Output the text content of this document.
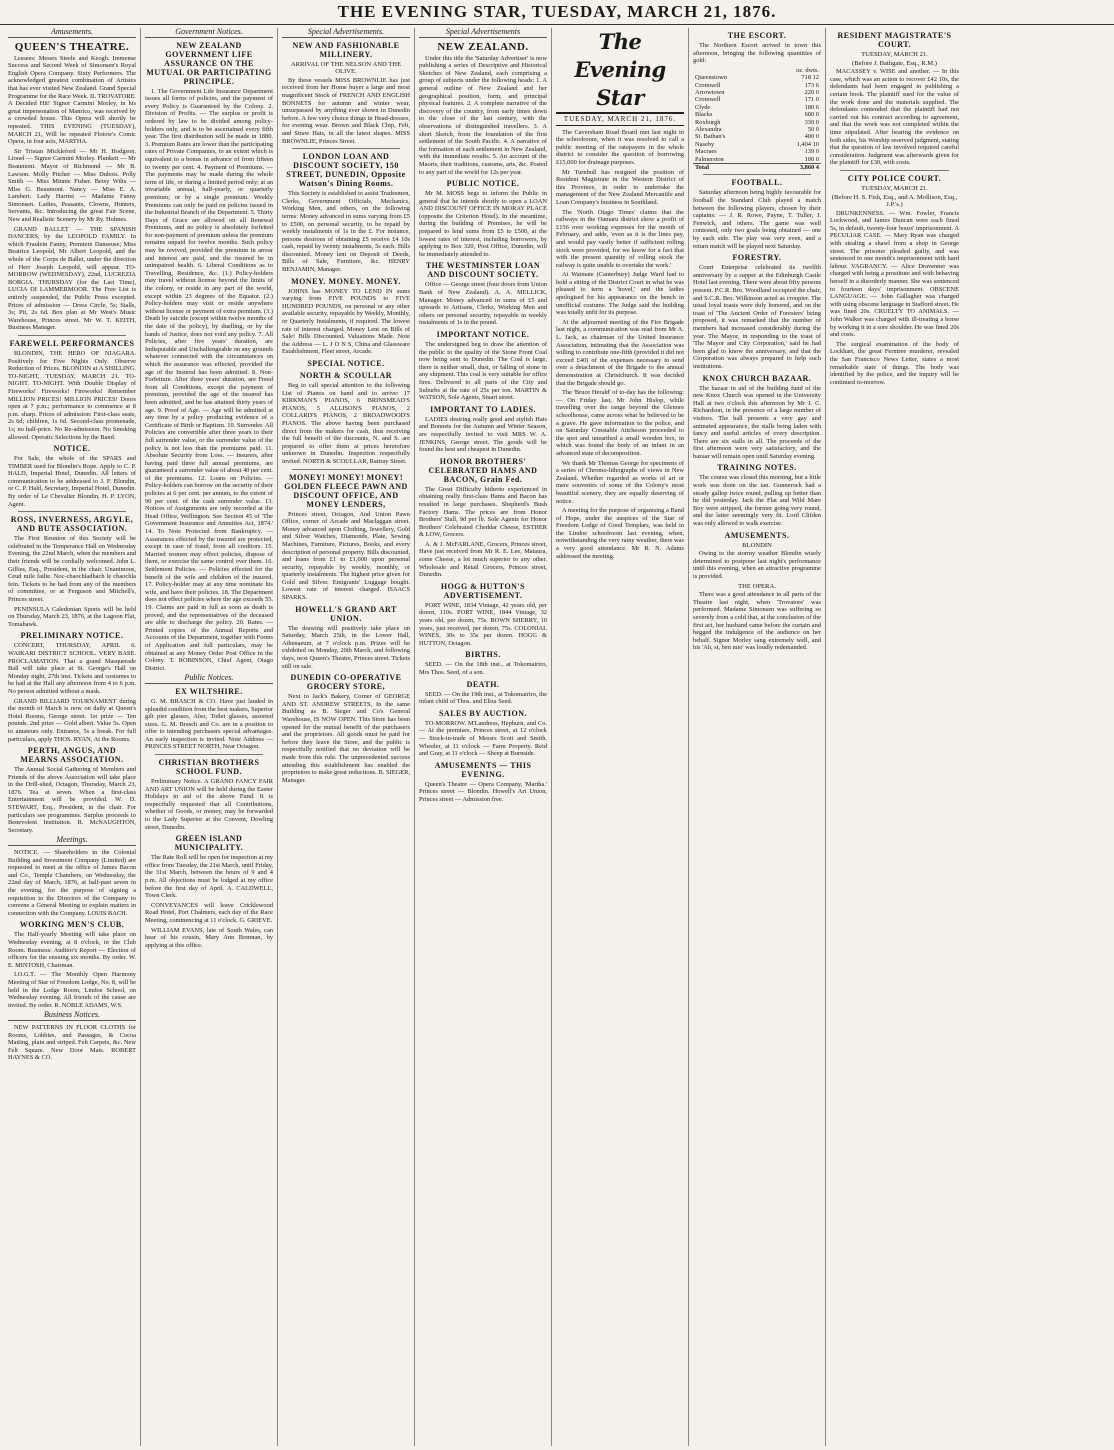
THE EVENING STAR, TUESDAY, MARCH 21, 1876.
Amusements.
QUEEN'S THEATRE.

Lessees: Messrs Steele and Keogh. Immense Success and Second Week of Simonsen's Royal English Opera Company. Sixty Performers. The acknowledged greatest combination of Artistes that has ever visited New Zealand. Grand Special Programme for the Race Week. IL TROVATORE. A Decided Hit! Signor Carmini Morley, in his great impersonation of Manrico, was received by a crowded house. This Opera will shortly be repeated. THIS EVENING (TUESDAY), MARCH 21, Will be repeated Flotow's Comic Opera, in four acts, MARTHA.

Sir Tristan Mickleford — Mr H. Hodgson. Lionel — Signor Carmini Morley. Plunkett — Mr Beaumont. Mayor of Richmond — Mr B. Lawson. Molly Pitcher — Miss Dubois. Polly Smith — Miss Minnie Fisher. Betsy Wilts — Miss G. Beaumont. Nancy — Miss E. A. Lambert. Lady Harriet — Madame Fanny Simonsen. Ladies, Peasants, Clowns, Hunters, Servants, &c. Introducing the great Fair Scene, New and Realistic Scenery by Mr Ry. Holmes.

GRAND BALLET — THE SPANISH DANCERS, by the LEOPOLD FAMILY. In which Fraulein Fanny, Premiere Danseuse; Miss Beatrice Leopold, Mr Albert Leopold, and the whole of the Corps de Ballet, under the direction of Herr Joseph Leopold, will appear. TO-MORROW (WEDNESDAY), 22nd, LUCREZIA BORGIA. THURSDAY (for the Last Time), LUCIA DI LAMMERMOOR. The Free List is entirely suspended, the Public Press excepted. Prices of admission — Dress Circle, 5s; Stalls, 3s; Pit, 2s 6d. Box plan at Mr West's Music Warehouse, Princes street. Mr W. T. KEITH, Business Manager.

FAREWELL PERFORMANCES

BLONDIN, THE HERO OF NIAGARA. Positively for Five Nights Only. Observe Reduction of Prices. BLONDIN at A SHILLING. TO-NIGHT, TUESDAY, MARCH 21. TO-NIGHT. TO-NIGHT. With Double Display of Fireworks! Fireworks! Fireworks! Remember MILLION PRICES! MILLION PRICES! Doors open at 7 p.m.; performance to commence at 8 p.m. sharp. Prices of admission: First-class seats, 2s 6d; children, 1s 6d. Second-class promenade, 1s; no half-price. No Re-admission. No Smoking allowed. Operatic Selections by the Band.

NOTICE.

For Sale, the whole of the SPARS and TIMBER used for Blondin's Rope. Apply to C. P. HALD, Imperial Hotel, Dunedin. All letters of communication to be addressed to J. F. Blondin, or C. P. Hald, Secretary, Imperial Hotel, Dunedin. By order of Le Chevalier Blondin, H. P. LYON, Agent.

ROSS, INVERNESS, ARGYLE, AND BUTE ASSOCIATION.

The First Reunion of this Society will be celebrated in the Temperance Hall on Wednesday Evening, the 22nd March, when the members and their friends will be cordially welcomed. John L. Gillies, Esq., President, in the chair. Unanimous, Ceud mile failte. Noc-chaochladhach le chaochla fein. Tickets to be had from any of the members of committee, or at Ferguson and Mitchell's, Princes street.

PENINSULA Caledonian Sports will be held on Thursday, March 23, 1876, at the Lagoon Flat, Tomahawk.

PRELIMINARY NOTICE.

CONCERT, THURSDAY, APRIL 6. WAIKARI DISTRICT SCHOOL. VERY BASE. PROCLAMATION. That a grand Masquerade Ball will take place at St. George's Hall on Monday night, 27th inst. Tickets and costumes to be had at the Hall any afternoon from 4 to 6 p.m. No person admitted without a mask.

GRAND BILLIARD TOURNAMENT during the month of March is now on daily at Queen's Hotel Rooms, George street. 1st prize — Ten pounds. 2nd prize — Gold albert. Value 5s. Open to amateurs only. Entrance, 5s a break. For full particulars, apply THOS. RYAN, At the Rooms.

PERTH, ANGUS, AND MEARNS ASSOCIATION.

The Annual Social Gathering of Members and Friends of the above Association will take place in the Drill-shed, Octagon, Thursday, March 23, 1876. Tea at seven. When a first-class Entertainment will be provided. W. D. STEWART, Esq., President, in the chair. For particulars see programmes. Surplus proceeds to Benevolent Institution. R. McNAUGHTON, Secretary.

Meetings.

NOTICE. — Shareholders in the Colonial Building and Investment Company (Limited) are requested to meet at the office of James Bacon and Co., Temple Chambers, on Wednesday, the 22nd day of March, 1876, at half-past seven in the evening, for the purpose of signing a requisition to the Directors of the Company to convene a General Meeting to explain matters in connection with the Company. LOUIS BACH.

WORKING MEN'S CLUB.

The Half-yearly Meeting will take place on Wednesday evening, at 8 o'clock, in the Club Room. Business: Auditor's Report — Election of officers for the ensuing six months. By order. W. E. MINTOSH, Chairman.

I.O.G.T. — The Monthly Open Harmony Meeting of Star of Freedom Lodge, No. 8, will be held in the Lodge Room, Lindoe School, on Wednesday evening. All friends of the cause are invited. By order. R. NOBLE ADAMS, W.S.

Business Notices.

NEW PATTERNS IN FLOOR CLOTHS for Rooms, Lobbies, and Passages, & Cocoa Matting, plain and striped. Felt Carpets, &c. New Felt Square. New Door Mats. ROBERT HAYNES & CO.

Government Notices.
NEW ZEALAND GOVERNMENT LIFE ASSURANCE ON THE MUTUAL OR PARTICIPATING PRINCIPLE.

1. The Government Life Insurance Department issues all forms of policies, and the payment of every Policy is Guaranteed by the Colony. 2. Division of Profits. — The surplus or profit is ordered by law to be divided among policy-holders only, and is to be ascertained every fifth year. The first distribution will be made in 1880. 3. Premium Rates are lower than the participating rates of Private Companies, to an extent which is equivalent to a bonus in advance of from fifteen to twenty per cent. 4. Payment of Premiums. — The payments may be made during the whole term of life, or during a limited period only; at an invariable annual, half-yearly, or quarterly premium; or by a single premium. Weekly Premiums can only be paid on policies issued in the Industrial Branch of the Department. 5. Thirty Days of Grace are allowed on all Renewal Premiums, and no policy is absolutely forfeited for non-payment of premium unless the premium remains unpaid for twelve months. Such policy may be revived, provided the premium in arrear and interest are paid, and the insured be in unimpaired health. 6. Liberal Conditions as to Travelling, Residence, &c. (1.) Policy-holders may travel without license beyond the limits of the colony, or reside in any part of the world, except within 23 degrees of the Equator. (2.) Policy-holders may visit or reside anywhere without license or payment of extra premium. (3.) Death by suicide (except within twelve months of the date of the policy), by duelling, or by the hands of Justice, does not void any policy. 7. All Policies, after five years' duration, are Indisputable and Unchallengeable on any grounds whatever connected with the circumstances on which the assurance was effected, provided the age of the Insured has been admitted. 8. Non-Forfeiture. After three years' duration, are Freed from all Conditions, except the payment of premium, provided the age of the insured has been admitted, and he has attained thirty years of age. 9. Proof of Age. — Age will be admitted at any time by a policy producing evidence of a Certificate of Birth or Baptism. 10. Surrender. All Policies are convertible after three years to their full surrender value, or the surrender value of the policy is not less than the premiums paid. 11. Absolute Security from Loss. — Insurers, after having paid three full annual premiums, are guaranteed a surrender value of about 40 per cent. of the premiums. 12. Loans on Policies. — Policy-holders can borrow on the security of their policies at 6 per cent. per annum, to the extent of 90 per cent. of the cash surrender value. 13. Notices of Assignments are only recorded at the Head Office, Wellington. See Section 45 of 'The Government Insurance and Annuities Act, 1874.' 14. To Note Protected from Bankruptcy. — Assurances effected by the insured are protected, except in case of fraud, from all creditors. 15. Married women may effect policies, dispose of them, or exercise the same control over them. 16. Settlement Policies. — Policies effected for the benefit of the wife and children of the insured. 17. Policy-holder may at any time nominate his wife, and have their policies. 18. The Department does not effect policies where the age exceeds 55. 19. Claims are paid in full as soon as death is proved, and the representatives of the deceased are able to discharge the policy. 20. Rates. — Printed copies of the Annual Reports and Accounts of the Department, together with Forms of Application and full particulars, may be obtained at any Money Order Post Office in the Colony. T. ROBINSON, Chief Agent, Otago District.

Public Notices.
EX WILTSHIRE.

G. M. BRASCH & CO. Have just landed in splendid condition from the best makers, Superior gilt pier glasses, Also, Toilet glasses, assorted sizes. G. M. Brasch and Co. are in a position to offer to intending purchasers special advantages. An early inspection is invited. Note Address — PRINCES STREET NORTH, Near Octagon.

CHRISTIAN BROTHERS SCHOOL FUND.

Preliminary Notice. A GRAND FANCY FAIR AND ART UNION will be held during the Easter Holidays in aid of the above Fund. It is respectfully requested that all Contributions, whether of Goods, or money, may be forwarded to the Lady Superior at the Convent, Dowling street, Dunedin.

GREEN ISLAND MUNICIPALITY.

The Rate Roll will be open for inspection at my office from Tuesday, the 21st March, until Friday, the 31st March, between the hours of 9 and 4 p.m. All objections must be lodged at my office before the first day of April. A. CALDWELL, Town Clerk.

CONVEYANCES will leave Cricklewood Road Hotel, Port Chalmers, each day of the Race Meeting, commencing at 11 o'clock. G. GRIEVE.

WILLIAM EVANS, late of South Wales, can hear of his cousin, Mary Ann Brennan, by applying at this office.

Special Advertisements.
NEW AND FASHIONABLE MILLINERY.
ARRIVAL OF THE NELSON AND THE OLIVE.

By these vessels MISS BROWNLIE has just received from her Home buyer a large and most magnificent Stock of FRENCH AND ENGLISH BONNETS for autumn and winter wear, unsurpassed by anything ever shown in Dunedin before. A few very choice things in Head-dresses, for evening wear. Brown and Black Chip, Felt, and Straw Hats, in all the latest shapes. MISS BROWNLIE, Princes Street.

LONDON LOAN AND DISCOUNT SOCIETY, 150 STREET, DUNEDIN, Opposite Watson's Dining Rooms.

This Society is established to assist Tradesmen, Clerks, Government Officials, Mechanics, Working Men, and others, on the following terms: Money advanced in sums varying from £5 to £500, on personal security, to be repaid by weekly instalments of 1s in the £. For instance, persons desirous of obtaining £5 receive £4 10s cash, repaid by twenty instalments, 5s each. Bills discounted. Money lent on Deposit of Deeds, Bills of Sale, Furniture, &c. HENRY BENJAMIN, Manager.

MONEY. MONEY. MONEY.

JOHNS has MONEY TO LEND IN sums varying from FIVE POUNDS to FIVE HUNDRED POUNDS, on personal or any other available security, repayable by Weekly, Monthly, or Quarterly Instalments, if required. The lowest rate of interest charged. Money Lent on Bills of Sale! Bills Discounted. Valuations Made. Note the Address — L. J O N S, China and Glassware Establishment, Fleet street, Arcade.

SPECIAL NOTICE.
NORTH & SCOULLAR

Beg to call special attention to the following List of Pianos on hand and to arrive: 17 KIRKMAN'S PIANOS, 6 BRINSMEAD'S PIANOS, 5 ALLISON'S PIANOS, 2 COLLARD'S PIANOS, 2 BROADWOOD'S PIANOS. The above having been purchased direct from the makers for cash, thus receiving the full benefit of the discounts, N. and S. are prepared to offer them at prices heretofore unknown in Dunedin. Inspection respectfully invited. NORTH & SCOULLAR, Rattray Street.

MONEY! MONEY! MONEY! GOLDEN FLEECE PAWN AND DISCOUNT OFFICE, AND MONEY LENDERS,

Princes street, Octagon, And Union Pawn Office, corner of Arcade and Maclaggan street. Money advanced upon Clothing, Jewellery, Gold and Silver Watches, Diamonds, Plate, Sewing Machines, Furniture, Pictures, Books, and every description of personal property. Bills discounted, and loans from £1 to £1,000 upon personal security, repayable by weekly, monthly, or quarterly instalments. The highest price given for Gold and Silver. Emigrants' Luggage bought. Lowest rate of interest charged. ISAACS SPARKS.

HOWELL'S GRAND ART UNION.

The drawing will positively take place on Saturday, March 25th, in the Lower Hall, Athenaeum, at 7 o'clock p.m. Prizes will be exhibited on Monday, 20th March, and following days, next Queen's Theatre, Princes street. Tickets still on sale.

DUNEDIN CO-OPERATIVE GROCERY STORE,

Next to Jack's Bakery, Corner of GEORGE AND ST. ANDREW STREETS, In the same Building as B. Sieger and Co's General Warehouse, IS NOW OPEN. This Store has been opened for the mutual benefit of the purchasers and the proprietors. All goods must be paid for before they leave the Store, and the public is respectfully notified that no deviation will be made from this rule. The unprecedented success attending this establishment has enabled the proprietors to make great reductions. B. SIEGER, Manager.

Special Advertisements
NEW ZEALAND.

Under this title the 'Saturday Advertiser' is now publishing a series of Descriptive and Historical Sketches of New Zealand, each comprising a group of subjects under the following heads: 1. A general outline of New Zealand and her geographical position, form, and principal physical features. 2. A complete narrative of the discovery of the country, from early times down to the close of the last century, with the observations of distinguished travellers. 3. A short Sketch, from the foundation of the first settlement of the South Pacific. 4. A narrative of the formation of each settlement in New Zealand, with the immediate results. 5. An account of the Maoris, their traditions, customs, arts, &c. Posted to any part of the world for 12s per year.

PUBLIC NOTICE.

Mr M. MOSS begs to inform the Public in general that he intends shortly to open a LOAN AND DISCOUNT OFFICE IN MORAY PLACE (opposite the Criterion Hotel). In the meantime, during the building of Premises, he will be prepared to lend sums from £5 to £500, at the lowest rates of interest, including borrowers, by applying to Box 320, Post Office, Dunedin, will be immediately attended to.

THE WESTMINSTER LOAN AND DISCOUNT SOCIETY.

Office — George street (four doors from Union Bank of New Zealand). A. A. MELLICK, Manager. Money advanced in sums of £5 and upwards to Artisans, Clerks, Working Men and others on personal security, repayable in weekly instalments of 1s in the pound.

IMPORTANT NOTICE.

The undersigned beg to draw the attention of the public to the quality of the Stone Front Coal now being sent to Dunedin. The Coal is large, there is neither small, dust, or falling of stone in any shipment. This coal is very suitable for office fires. Delivered to all parts of the City and Suburbs at the rate of 25s per ton. MARTIN & WATSON, Sole Agents, Stuart street.

IMPORTANT TO LADIES.

LADIES desiring really good and stylish Hats and Bonnets for the Autumn and Winter Season, are respectfully invited to visit MRS W. A. JENKINS, George street. The goods will be found the best and cheapest in Dunedin.

HONOR BROTHERS' CELEBRATED HAMS AND BACON, Grain Fed.

The Great Difficulty hitherto experienced in obtaining really first-class Hams and Bacon has resulted in large purchases. Shepherd's Bush Factory Hams. The prices are from Honor Brothers' Stall, 9d per lb. Sole Agents for Honor Brothers' Celebrated Cheddar Cheese, ESTHER & LOW, Grocers.

A. & J. McFARLANE, Grocers, Princes street, Have just received from Mr R. E. Lee, Mataura, some Cheese, a lot much superior to any other. Wholesale and Retail Grocers, Princes street, Dunedin.

HOGG & HUTTON'S ADVERTISEMENT.

PORT WINE, 1834 Vintage, 42 years old, per dozen, 110s. PORT WINE, 1844 Vintage, 32 years old, per dozen, 75s. BOWN SHERRY, 10 years, just received, per dozen, 75s. COLONIAL WINES, 30s to 35s per dozen. HOGG & HUTTON, Octagon.

BIRTHS.

SEED. — On the 18th inst., at Tokomairiro, Mrs Thos. Seed, of a son.

DEATH.

SEED. — On the 19th inst., at Tokomairiro, the infant child of Thos. and Eliza Seed.

SALES BY AUCTION.

TO-MORROW. M'Landress, Hepburn, and Co. — At the premises, Princes street, at 12 o'clock — Stock-in-trade of Messrs Scott and Smith. Wheeler, at 11 o'clock — Farm Property. Reid and Gray, at 11 o'clock — Sheep at Burnside.

AMUSEMENTS — THIS EVENING.

Queen's Theatre — Opera Company, 'Martha.' Princes street — Blondin. Howell's Art Union, Princes street — Admission free.

The Evening Star
TUESDAY, MARCH 21, 1876.

The Caversham Road Board met last night in the schoolroom, when it was resolved to call a public meeting of the ratepayers in the whole district to consider the question of borrowing £15,000 for drainage purposes.

Mr Turnbull has resigned the position of Resident Magistrate in the Western District of this Province, in order to undertake the management of the New Zealand Mercantile and Loan Company's business in Southland.

The 'North Otago Times' claims that the railways in the Oamaru district show a profit of £156 over working expenses for the month of February, and adds, 'even as it is the lines pay, and would pay vastly better if sufficient rolling stock were provided, for we know for a fact that with the present quantity of rolling stock the railway is quite unable to overtake the work.'

At Waimate (Canterbury) Judge Ward had to hold a sitting of the District Court in what he was pleased to term a 'hovel,' and the ladies apologised for his appearance on the bench in unofficial costume. The Judge said the building was totally unfit for its purpose.

At the adjourned meeting of the Fire Brigade last night, a communication was read from Mr A. L. Jack, as chairman of the United Insurance Association, intimating that the Association was willing to contribute one-fifth (provided it did not exceed £40) of the expenses necessary to send over a detachment of the Brigade to the annual demonstration at Christchurch. It was decided that the Brigade should go.

The 'Bruce Herald' of to-day has the following: — On Friday last, Mr John Hislop, while travelling over the range beyond the Glenore schoolhouse, came across what he believed to be a grave. He gave information to the police, and on Saturday Constable Aitcheson proceeded to the spot and unearthed a small wooden box, in which was found the body of an infant in an advanced state of decomposition.

We thank Mr Thomas George for specimens of a series of Chromo-lithographs of views in New Zealand. Whether regarded as works of art or mere souvenirs of some of the Colony's most beautiful scenery, they are equally deserving of notice.

A meeting for the purpose of organising a Band of Hope, under the auspices of the Star of Freedom Lodge of Good Templars, was held in the Lindoe schoolroom last evening, when, notwithstanding the very rainy weather, there was a very good attendance. Mr R. N. Adams addressed the meeting.

THE ESCORT.

The Northern Escort arrived in town this afternoon, bringing the following quantities of gold:

	oz. dwts.
Queenstown	718 12
Cromwell	173 6
Arrowtown	220 0
Cromwell	171 0
Clyde	180 6
Blacks	600 0
Roxburgh	330 0
Alexandra	50 0
St. Bathan's	400 0
Naseby	1,404 10
Macraes	139 0
Palmerston	100 0
Total	3,860 4
FOOTBALL.

Saturday afternoon being highly favourable for football the Standard Club played a match between the following players, chosen by their captains: — J. R. Rowe, Payne, T. Tuller, J. Fenwick, and others. The game was well contested, only two goals being obtained — one by each side. The play was very even, and a return match will be played next Saturday.

FORESTRY.

Court Enterprise celebrated its twelfth anniversary by a supper at the Edinburgh Castle Hotel last evening. There were about fifty persons present. P.C.R. Bro. Woodland occupied the chair, and S.C.R. Bro. Wilkinson acted as croupier. The usual loyal toasts were duly honored, and on the toast of 'The Ancient Order of Foresters' being proposed, it was remarked that the number of members had increased considerably during the year. The Mayor, in responding to the toast of 'The Mayor and City Corporation,' said he had been glad to know the anniversary, and that the Corporation was always prepared to help such institutions.

KNOX CHURCH BAZAAR.

The bazaar in aid of the building fund of the new Knox Church was opened in the University Hall at two o'clock this afternoon by Mr J. C. Richardson, in the presence of a large number of visitors. The hall presents a very gay and animated appearance, the stalls being laden with fancy and useful articles of every description. There are six stalls in all. The proceeds of the first afternoon were very satisfactory, and the bazaar will remain open until Saturday evening.

TRAINING NOTES.

The course was closed this morning, but a little work was done on the tan. Gunnerock had a steady gallop twice round, pulling up better than he did yesterday. Jack the Flat and Wild Mare Boy were stripped, the former going very round, and the latter seemingly very fit. Lord Clifden was only allowed to walk exercise.

AMUSEMENTS.
BLONDIN

Owing to the stormy weather Blondin wisely determined to postpone last night's performance until this evening, when an attractive programme is provided.

THE OPERA.

There was a good attendance in all parts of the Theatre last night, when 'Trovatore' was performed. Madame Simonsen was suffering so severely from a cold that, at the conclusion of the first act, her husband came before the curtain and begged the indulgence of the audience on her behalf. Signor Morley sang extremely well, and his 'Ah, si, ben mio' was loudly redemanded.

RESIDENT MAGISTRATE'S COURT.
TUESDAY, MARCH 21.
(Before J. Bathgate, Esq., R.M.)

MACASSEY v. WISE and another. — In this case, which was an action to recover £42 10s, the defendants had been engaged in publishing a certain book. The plaintiff sued for the value of the work done and the materials supplied. The defendants contended that the plaintiff had not carried out his contract according to agreement, and that the work was not completed within the time stipulated. After hearing the evidence on both sides, his Worship reserved judgment, stating that the question of law involved required careful consideration. Judgment was afterwards given for the plaintiff for £30, with costs.

CITY POLICE COURT.
TUESDAY, MARCH 21.
(Before H. S. Fish, Esq., and A. Mollison, Esq., J.P.'s.)

DRUNKENNESS. — Wm. Fowler, Francis Lockwood, and James Duncan were each fined 5s, in default, twenty-four hours' imprisonment. A PECULIAR CASE. — Mary Ryan was charged with stealing a shawl from a shop in George street. The prisoner pleaded guilty, and was sentenced to one month's imprisonment with hard labour. VAGRANCY. — Alice Dravenner was charged with being a prostitute and with behaving herself in a disorderly manner. She was sentenced to fourteen days' imprisonment. OBSCENE LANGUAGE. — John Gallagher was charged with using obscene language in Stafford street. He was fined 20s. CRUELTY TO ANIMALS. — John Walker was charged with ill-treating a horse by working it in a sore shoulder. He was fined 20s and costs.

The surgical examination of the body of Lockhart, the great Ferntree murderer, revealed the San Francisco News Letter, states a most remarkable state of things. The body was identified by the police, and the inquiry will be continued to-morrow.
